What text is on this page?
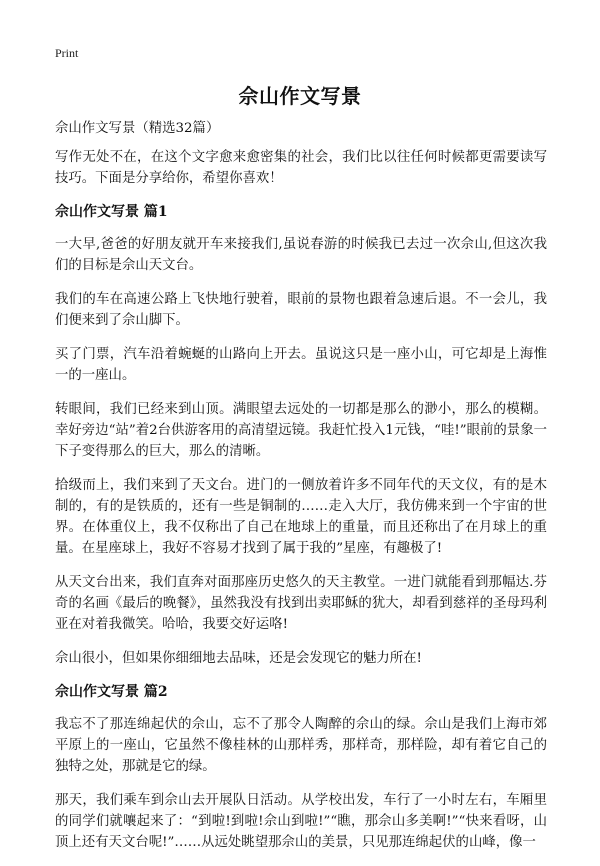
Print
佘山作文写景

佘山作文写景（精选32篇）

写作无处不在，在这个文字愈来愈密集的社会，我们比以往任何时候都更需要读写技巧。下面是分享给你，希望你喜欢！

佘山作文写景 篇1

一大早,爸爸的好朋友就开车来接我们,虽说春游的时候我已去过一次佘山,但这次我们的目标是佘山天文台。

我们的车在高速公路上飞快地行驶着，眼前的景物也跟着急速后退。不一会儿，我们便来到了佘山脚下。

买了门票，汽车沿着蜿蜒的山路向上开去。虽说这只是一座小山，可它却是上海惟一的一座山。

转眼间，我们已经来到山顶。满眼望去远处的一切都是那么的渺小，那么的模糊。幸好旁边“站”着2台供游客用的高清望远镜。我赶忙投入1元钱，“哇!”眼前的景象一下子变得那么的巨大，那么的清晰。

拾级而上，我们来到了天文台。进门的一侧放着许多不同年代的天文仪，有的是木制的，有的是铁质的，还有一些是铜制的……走入大厅，我仿佛来到一个宇宙的世界。在体重仪上，我不仅称出了自己在地球上的重量，而且还称出了在月球上的重量。在星座球上，我好不容易才找到了属于我的”星座，有趣极了!

从天文台出来，我们直奔对面那座历史悠久的天主教堂。一进门就能看到那幅达.芬奇的名画《最后的晚餐》，虽然我没有找到出卖耶稣的犹大，却看到慈祥的圣母玛利亚在对着我微笑。哈哈，我要交好运咯!

佘山很小，但如果你细细地去品味，还是会发现它的魅力所在!

佘山作文写景 篇2

我忘不了那连绵起伏的佘山，忘不了那令人陶醉的佘山的绿。佘山是我们上海市郊平原上的一座山，它虽然不像桂林的山那样秀，那样奇，那样险，却有着它自己的独特之处，那就是它的绿。

那天，我们乘车到佘山去开展队日活动。从学校出发，车行了一小时左右，车厢里的同学们就嚷起来了：“到啦!到啦!佘山到啦!”“瞧，那佘山多美啊!”“快来看呀，山顶上还有天文台呢!”……从远处眺望那佘山的美景，只见那连绵起伏的山峰，像一
